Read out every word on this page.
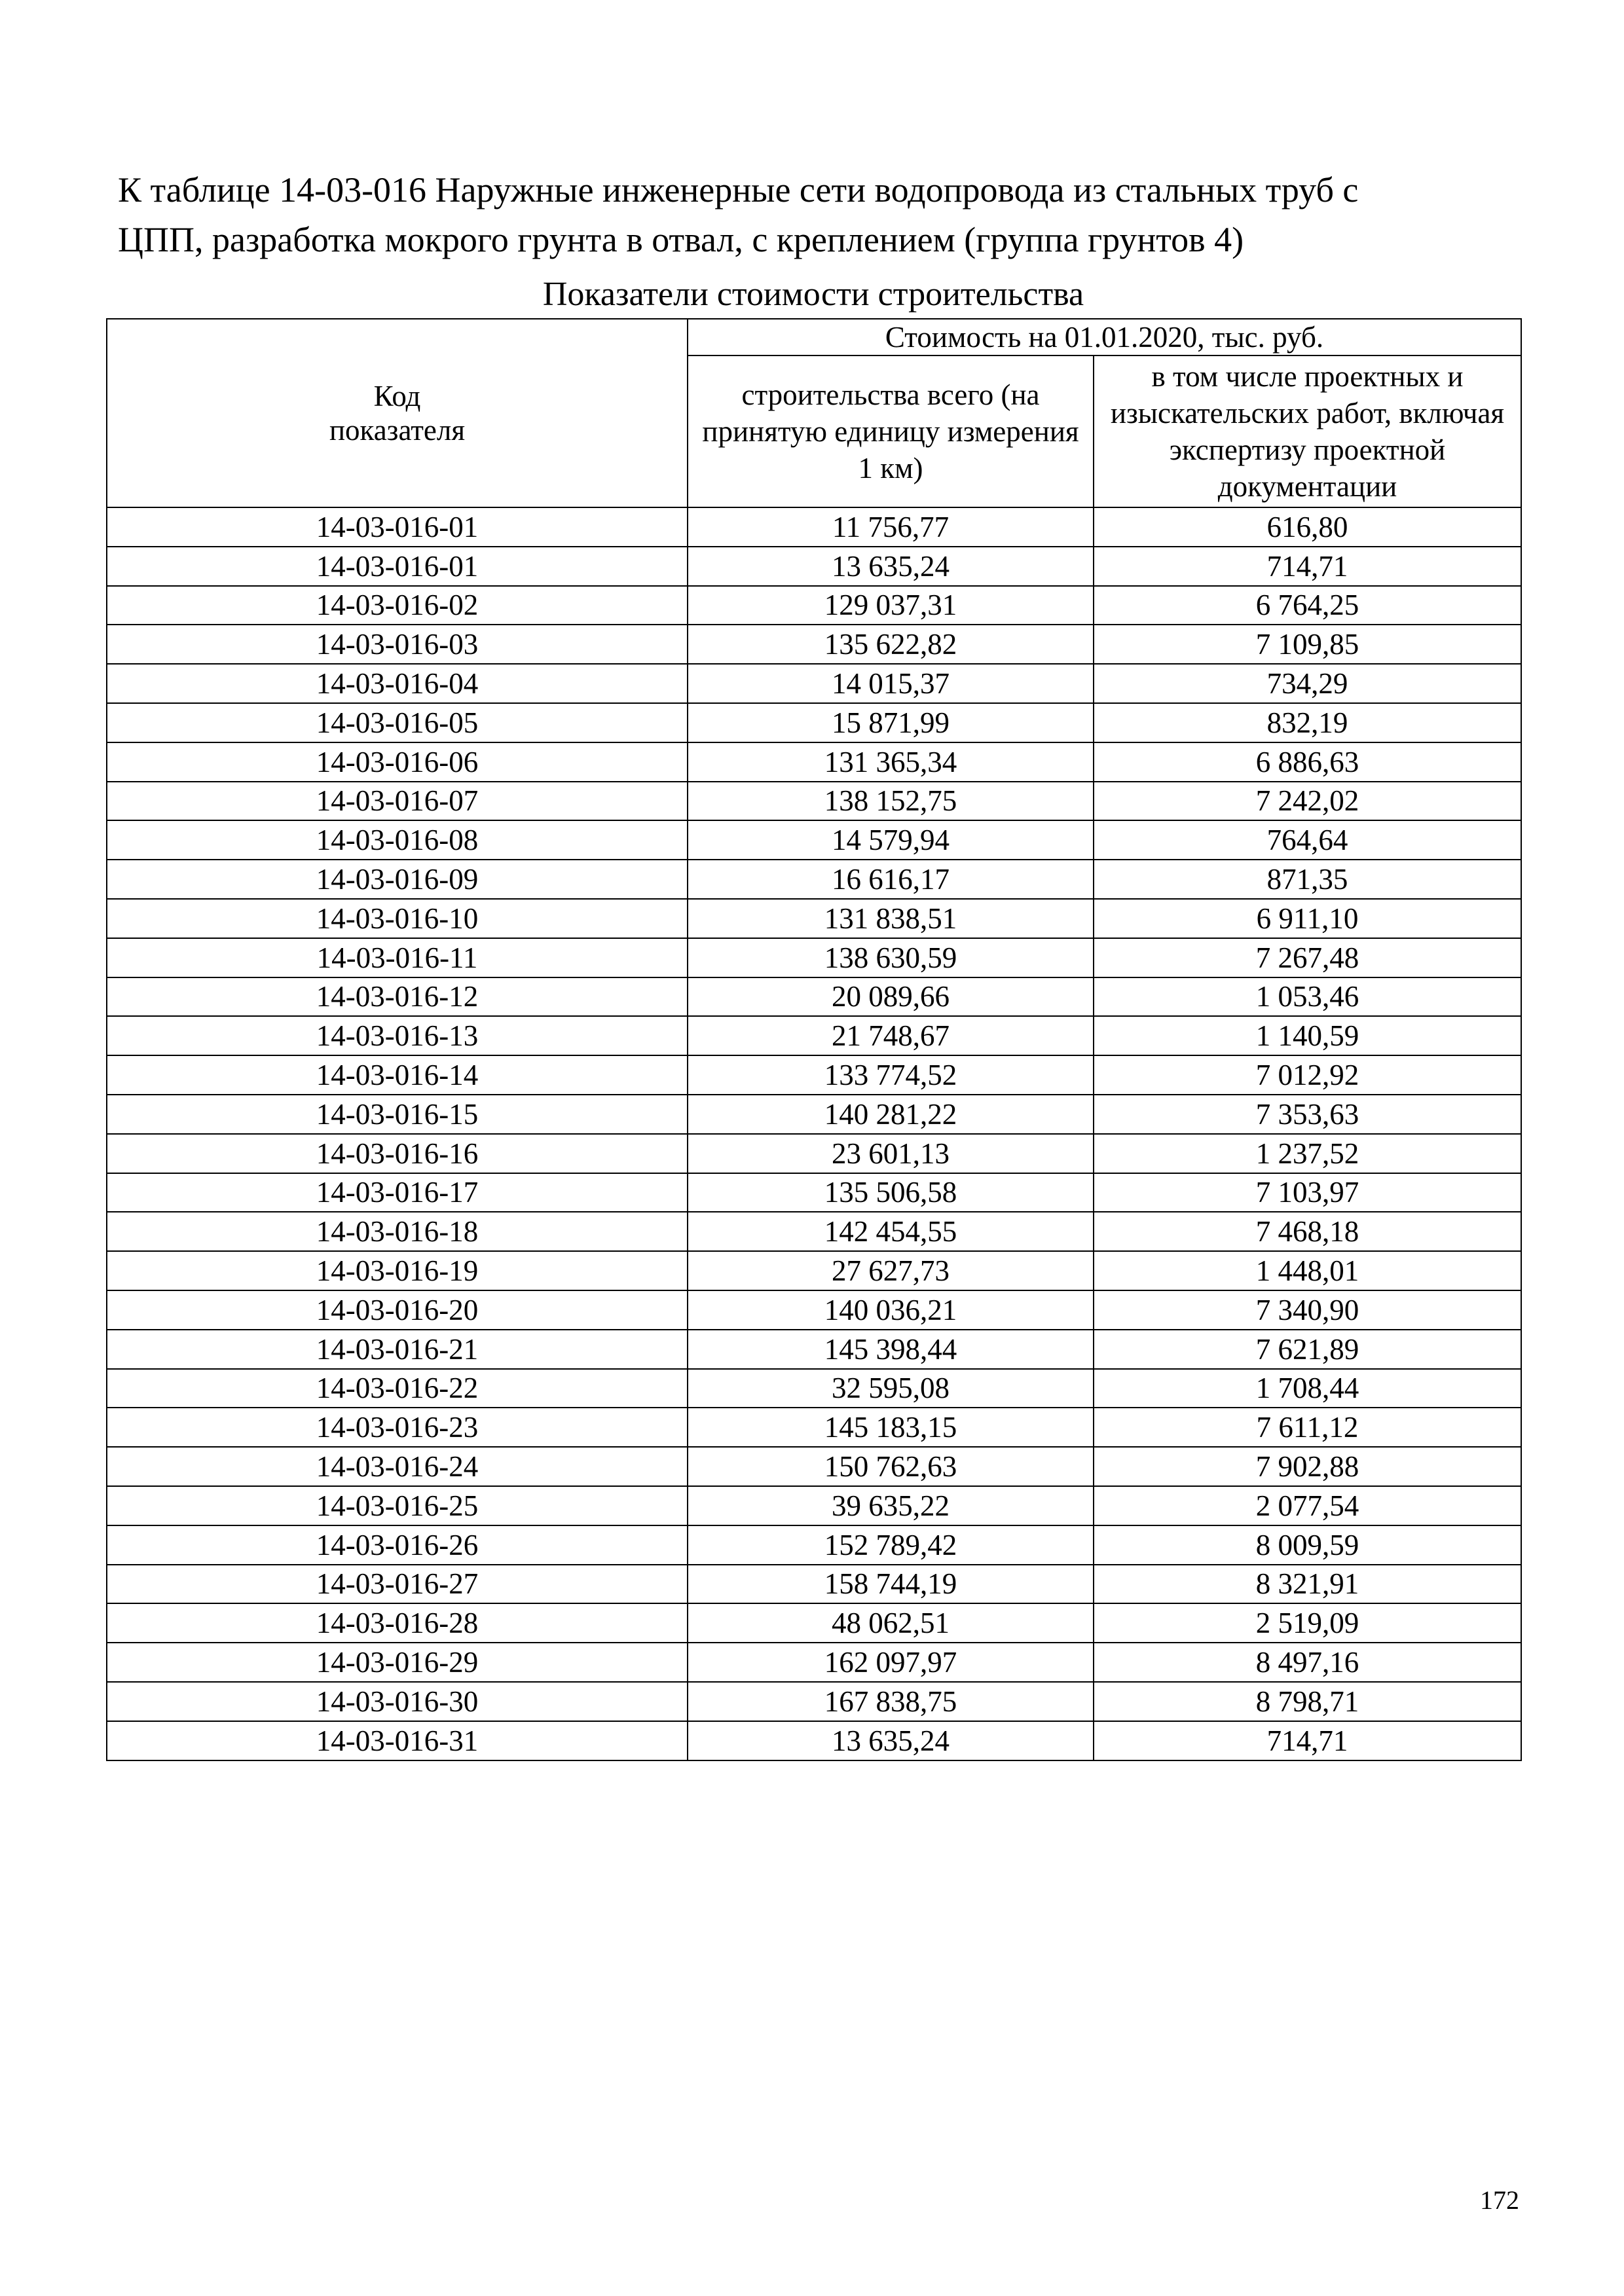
К таблице 14-03-016 Наружные инженерные сети водопровода из стальных труб с
ЦПП, разработка мокрого грунта в отвал, с креплением (группа грунтов 4)
Показатели стоимости строительства
Код показателя	Стоимость на 01.01.2020, тыс. руб.	
	строительства всего (на принятую единицу измерения 1 км)	в том числе проектных и изыскательских работ, включая экспертизу проектной документации
14-03-016-01	11 756,77	616,80
14-03-016-01	13 635,24	714,71
14-03-016-02	129 037,31	6 764,25
14-03-016-03	135 622,82	7 109,85
14-03-016-04	14 015,37	734,29
14-03-016-05	15 871,99	832,19
14-03-016-06	131 365,34	6 886,63
14-03-016-07	138 152,75	7 242,02
14-03-016-08	14 579,94	764,64
14-03-016-09	16 616,17	871,35
14-03-016-10	131 838,51	6 911,10
14-03-016-11	138 630,59	7 267,48
14-03-016-12	20 089,66	1 053,46
14-03-016-13	21 748,67	1 140,59
14-03-016-14	133 774,52	7 012,92
14-03-016-15	140 281,22	7 353,63
14-03-016-16	23 601,13	1 237,52
14-03-016-17	135 506,58	7 103,97
14-03-016-18	142 454,55	7 468,18
14-03-016-19	27 627,73	1 448,01
14-03-016-20	140 036,21	7 340,90
14-03-016-21	145 398,44	7 621,89
14-03-016-22	32 595,08	1 708,44
14-03-016-23	145 183,15	7 611,12
14-03-016-24	150 762,63	7 902,88
14-03-016-25	39 635,22	2 077,54
14-03-016-26	152 789,42	8 009,59
14-03-016-27	158 744,19	8 321,91
14-03-016-28	48 062,51	2 519,09
14-03-016-29	162 097,97	8 497,16
14-03-016-30	167 838,75	8 798,71
14-03-016-31	13 635,24	714,71
172
